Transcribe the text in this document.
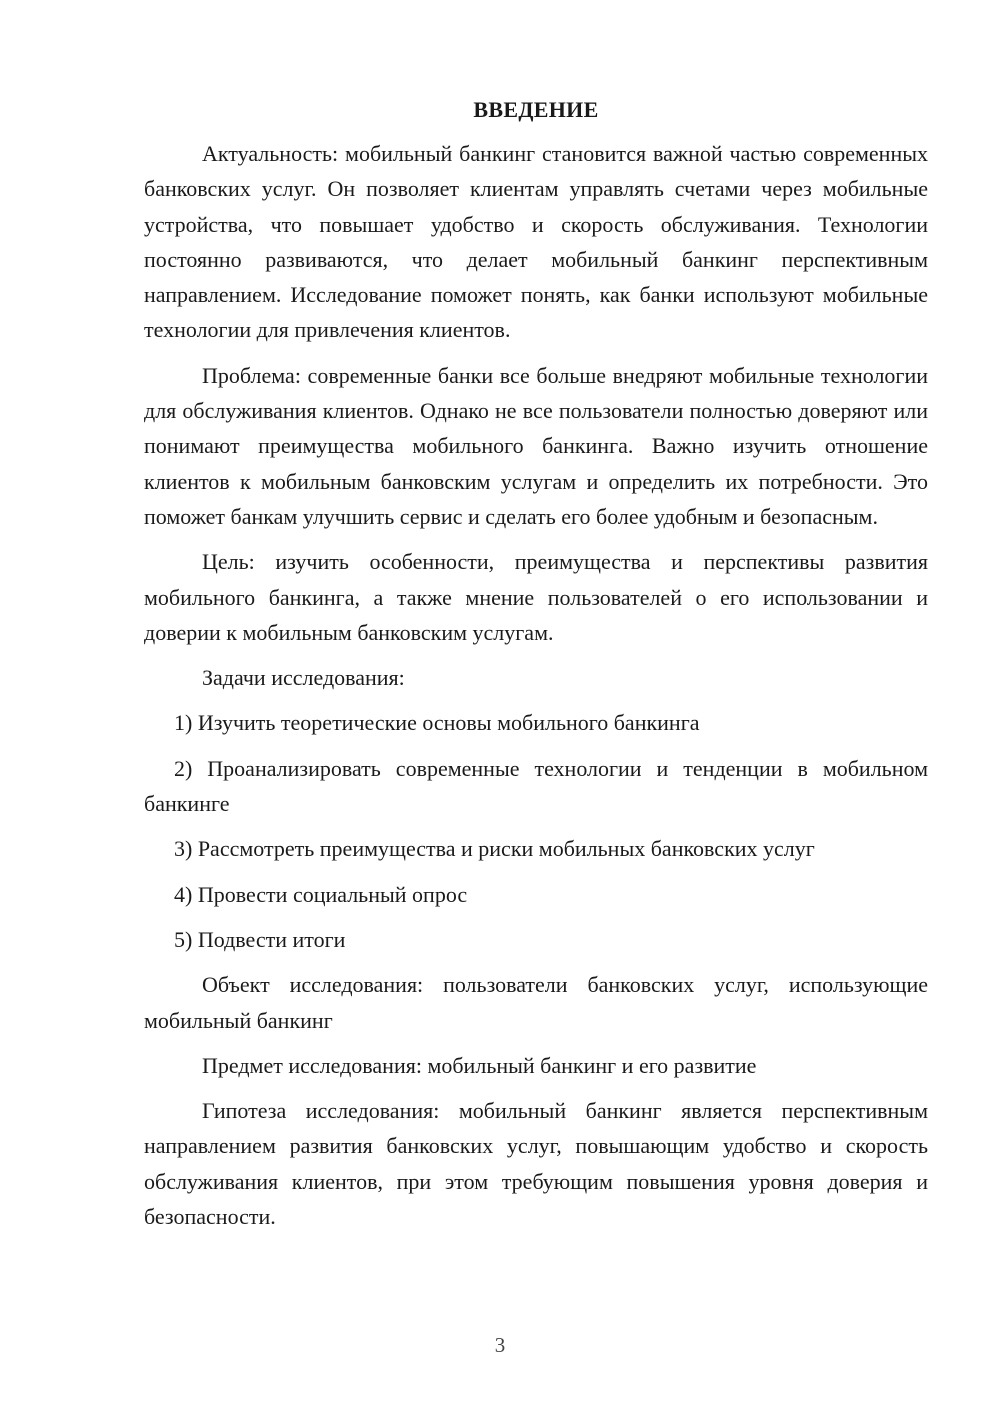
ВВЕДЕНИЕ

Актуальность: мобильный банкинг становится важной частью современных банковских услуг. Он позволяет клиентам управлять счетами через мобильные устройства, что повышает удобство и скорость обслуживания. Технологии постоянно развиваются, что делает мобильный банкинг перспективным направлением. Исследование поможет понять, как банки используют мобильные технологии для привлечения клиентов.

Проблема: современные банки все больше внедряют мобильные технологии для обслуживания клиентов. Однако не все пользователи полностью доверяют или понимают преимущества мобильного банкинга. Важно изучить отношение клиентов к мобильным банковским услугам и определить их потребности. Это поможет банкам улучшить сервис и сделать его более удобным и безопасным.

Цель: изучить особенности, преимущества и перспективы развития мобильного банкинга, а также мнение пользователей о его использовании и доверии к мобильным банковским услугам.

Задачи исследования:

1) Изучить теоретические основы мобильного банкинга

2) Проанализировать современные технологии и тенденции в мобильном банкинге

3) Рассмотреть преимущества и риски мобильных банковских услуг

4) Провести социальный опрос

5) Подвести итоги

Объект исследования: пользователи банковских услуг, использующие мобильный банкинг

Предмет исследования: мобильный банкинг и его развитие

Гипотеза исследования: мобильный банкинг является перспективным направлением развития банковских услуг, повышающим удобство и скорость обслуживания клиентов, при этом требующим повышения уровня доверия и безопасности.

3
